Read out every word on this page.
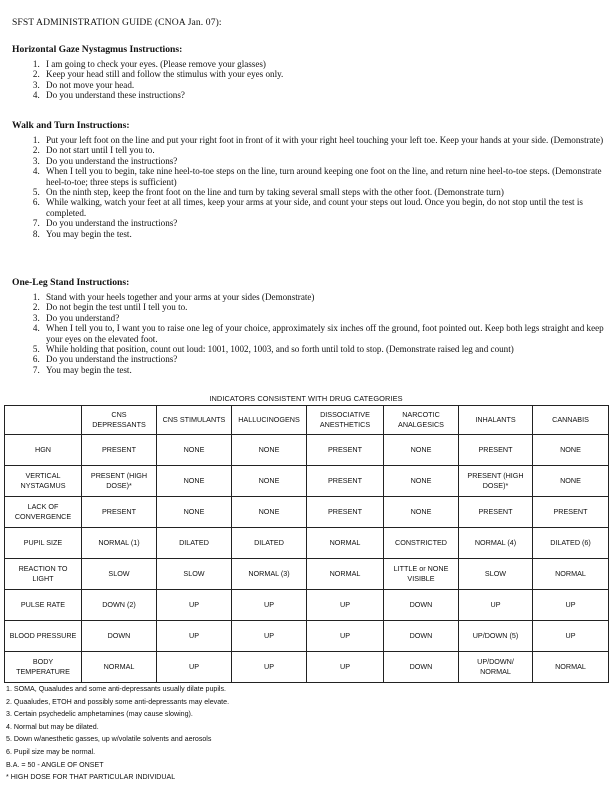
SFST ADMINISTRATION GUIDE (CNOA Jan. 07):

Horizontal Gaze Nystagmus Instructions:

1. I am going to check your eyes. (Please remove your glasses)
2. Keep your head still and follow the stimulus with your eyes only.
3. Do not move your head.
4. Do you understand these instructions?

Walk and Turn Instructions:

1. Put your left foot on the line and put your right foot in front of it with your right heel touching your left toe. Keep your hands at your side. (Demonstrate)
2. Do not start until I tell you to.
3. Do you understand the instructions?
4. When I tell you to begin, take nine heel-to-toe steps on the line, turn around keeping one foot on the line, and return nine heel-to-toe steps. (Demonstrate heel-to-toe; three steps is sufficient)
5. On the ninth step, keep the front foot on the line and turn by taking several small steps with the other foot. (Demonstrate turn)
6. While walking, watch your feet at all times, keep your arms at your side, and count your steps out loud. Once you begin, do not stop until the test is completed.
7. Do you understand the instructions?
8. You may begin the test.

One-Leg Stand Instructions:

1. Stand with your heels together and your arms at your sides (Demonstrate)
2. Do not begin the test until I tell you to.
3. Do you understand?
4. When I tell you to, I want you to raise one leg of your choice, approximately six inches off the ground, foot pointed out. Keep both legs straight and keep your eyes on the elevated foot.
5. While holding that position, count out loud: 1001, 1002, 1003, and so forth until told to stop. (Demonstrate raised leg and count)
6. Do you understand the instructions?
7. You may begin the test.
INDICATORS CONSISTENT WITH DRUG CATEGORIES
	CNS DEPRESSANTS	CNS STIMULANTS	HALLUCINOGENS	DISSOCIATIVE ANESTHETICS	NARCOTIC ANALGESICS	INHALANTS	CANNABIS
HGN	PRESENT	NONE	NONE	PRESENT	NONE	PRESENT	NONE
VERTICAL NYSTAGMUS	PRESENT (HIGH DOSE)*	NONE	NONE	PRESENT	NONE	PRESENT (HIGH DOSE)*	NONE
LACK OF CONVERGENCE	PRESENT	NONE	NONE	PRESENT	NONE	PRESENT	PRESENT
PUPIL SIZE	NORMAL (1)	DILATED	DILATED	NORMAL	CONSTRICTED	NORMAL (4)	DILATED (6)
REACTION TO LIGHT	SLOW	SLOW	NORMAL (3)	NORMAL	LITTLE or NONE VISIBLE	SLOW	NORMAL
PULSE RATE	DOWN (2)	UP	UP	UP	DOWN	UP	UP
BLOOD PRESSURE	DOWN	UP	UP	UP	DOWN	UP/DOWN (5)	UP
BODY TEMPERATURE	NORMAL	UP	UP	UP	DOWN	UP/DOWN/ NORMAL	NORMAL
1. SOMA, Quaaludes and some anti-depressants usually dilate pupils.
2. Quaaludes, ETOH and possibly some anti-depressants may elevate.
3. Certain psychedelic amphetamines (may cause slowing).
4. Normal but may be dilated.
5. Down w/anesthetic gasses, up w/volatile solvents and aerosols
6. Pupil size may be normal.
B.A. = 50 - ANGLE OF ONSET
* HIGH DOSE FOR THAT PARTICULAR INDIVIDUAL
